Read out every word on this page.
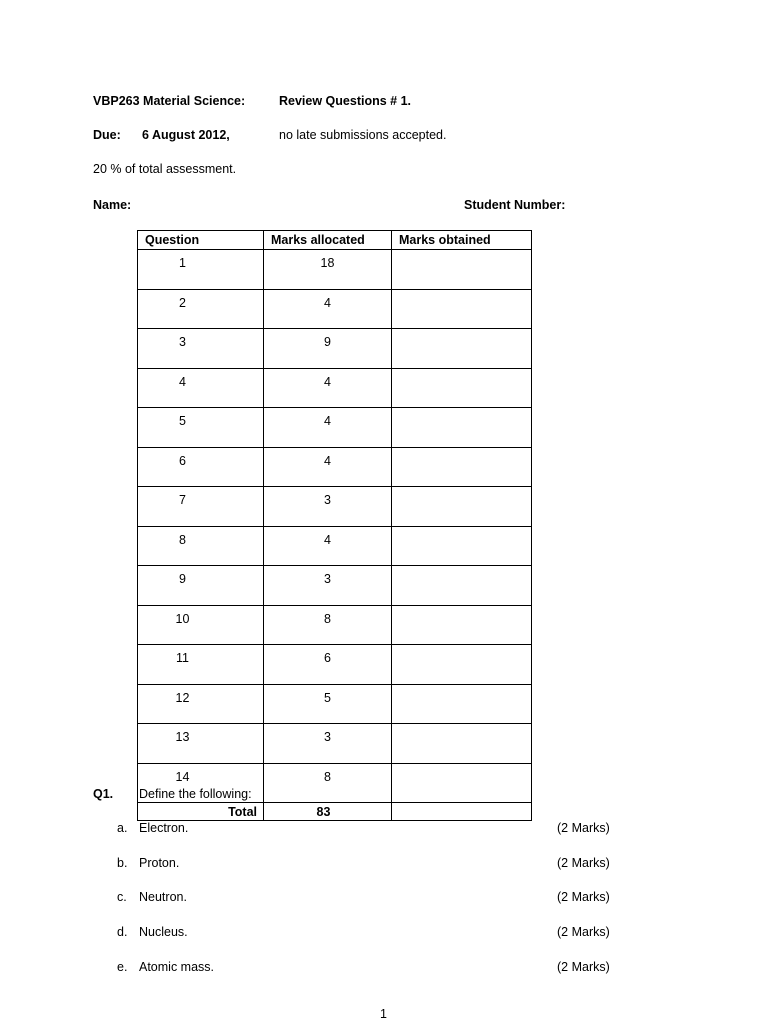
VBP263 Material Science:	Review Questions # 1.
Due: 6 August 2012,	no late submissions accepted.
20 % of total assessment.
Name:	Student Number:
Question	Marks allocated	Marks obtained
1	18	
2	4	
3	9	
4	4	
5	4	
6	4	
7	3	
8	4	
9	3	
10	8	
11	6	
12	5	
13	3	
14	8	
Total	83	
Q1. Define the following:
a. Electron.	(2 Marks)
b. Proton.	(2 Marks)
c. Neutron.	(2 Marks)
d. Nucleus.	(2 Marks)
e. Atomic mass.	(2 Marks)
1
